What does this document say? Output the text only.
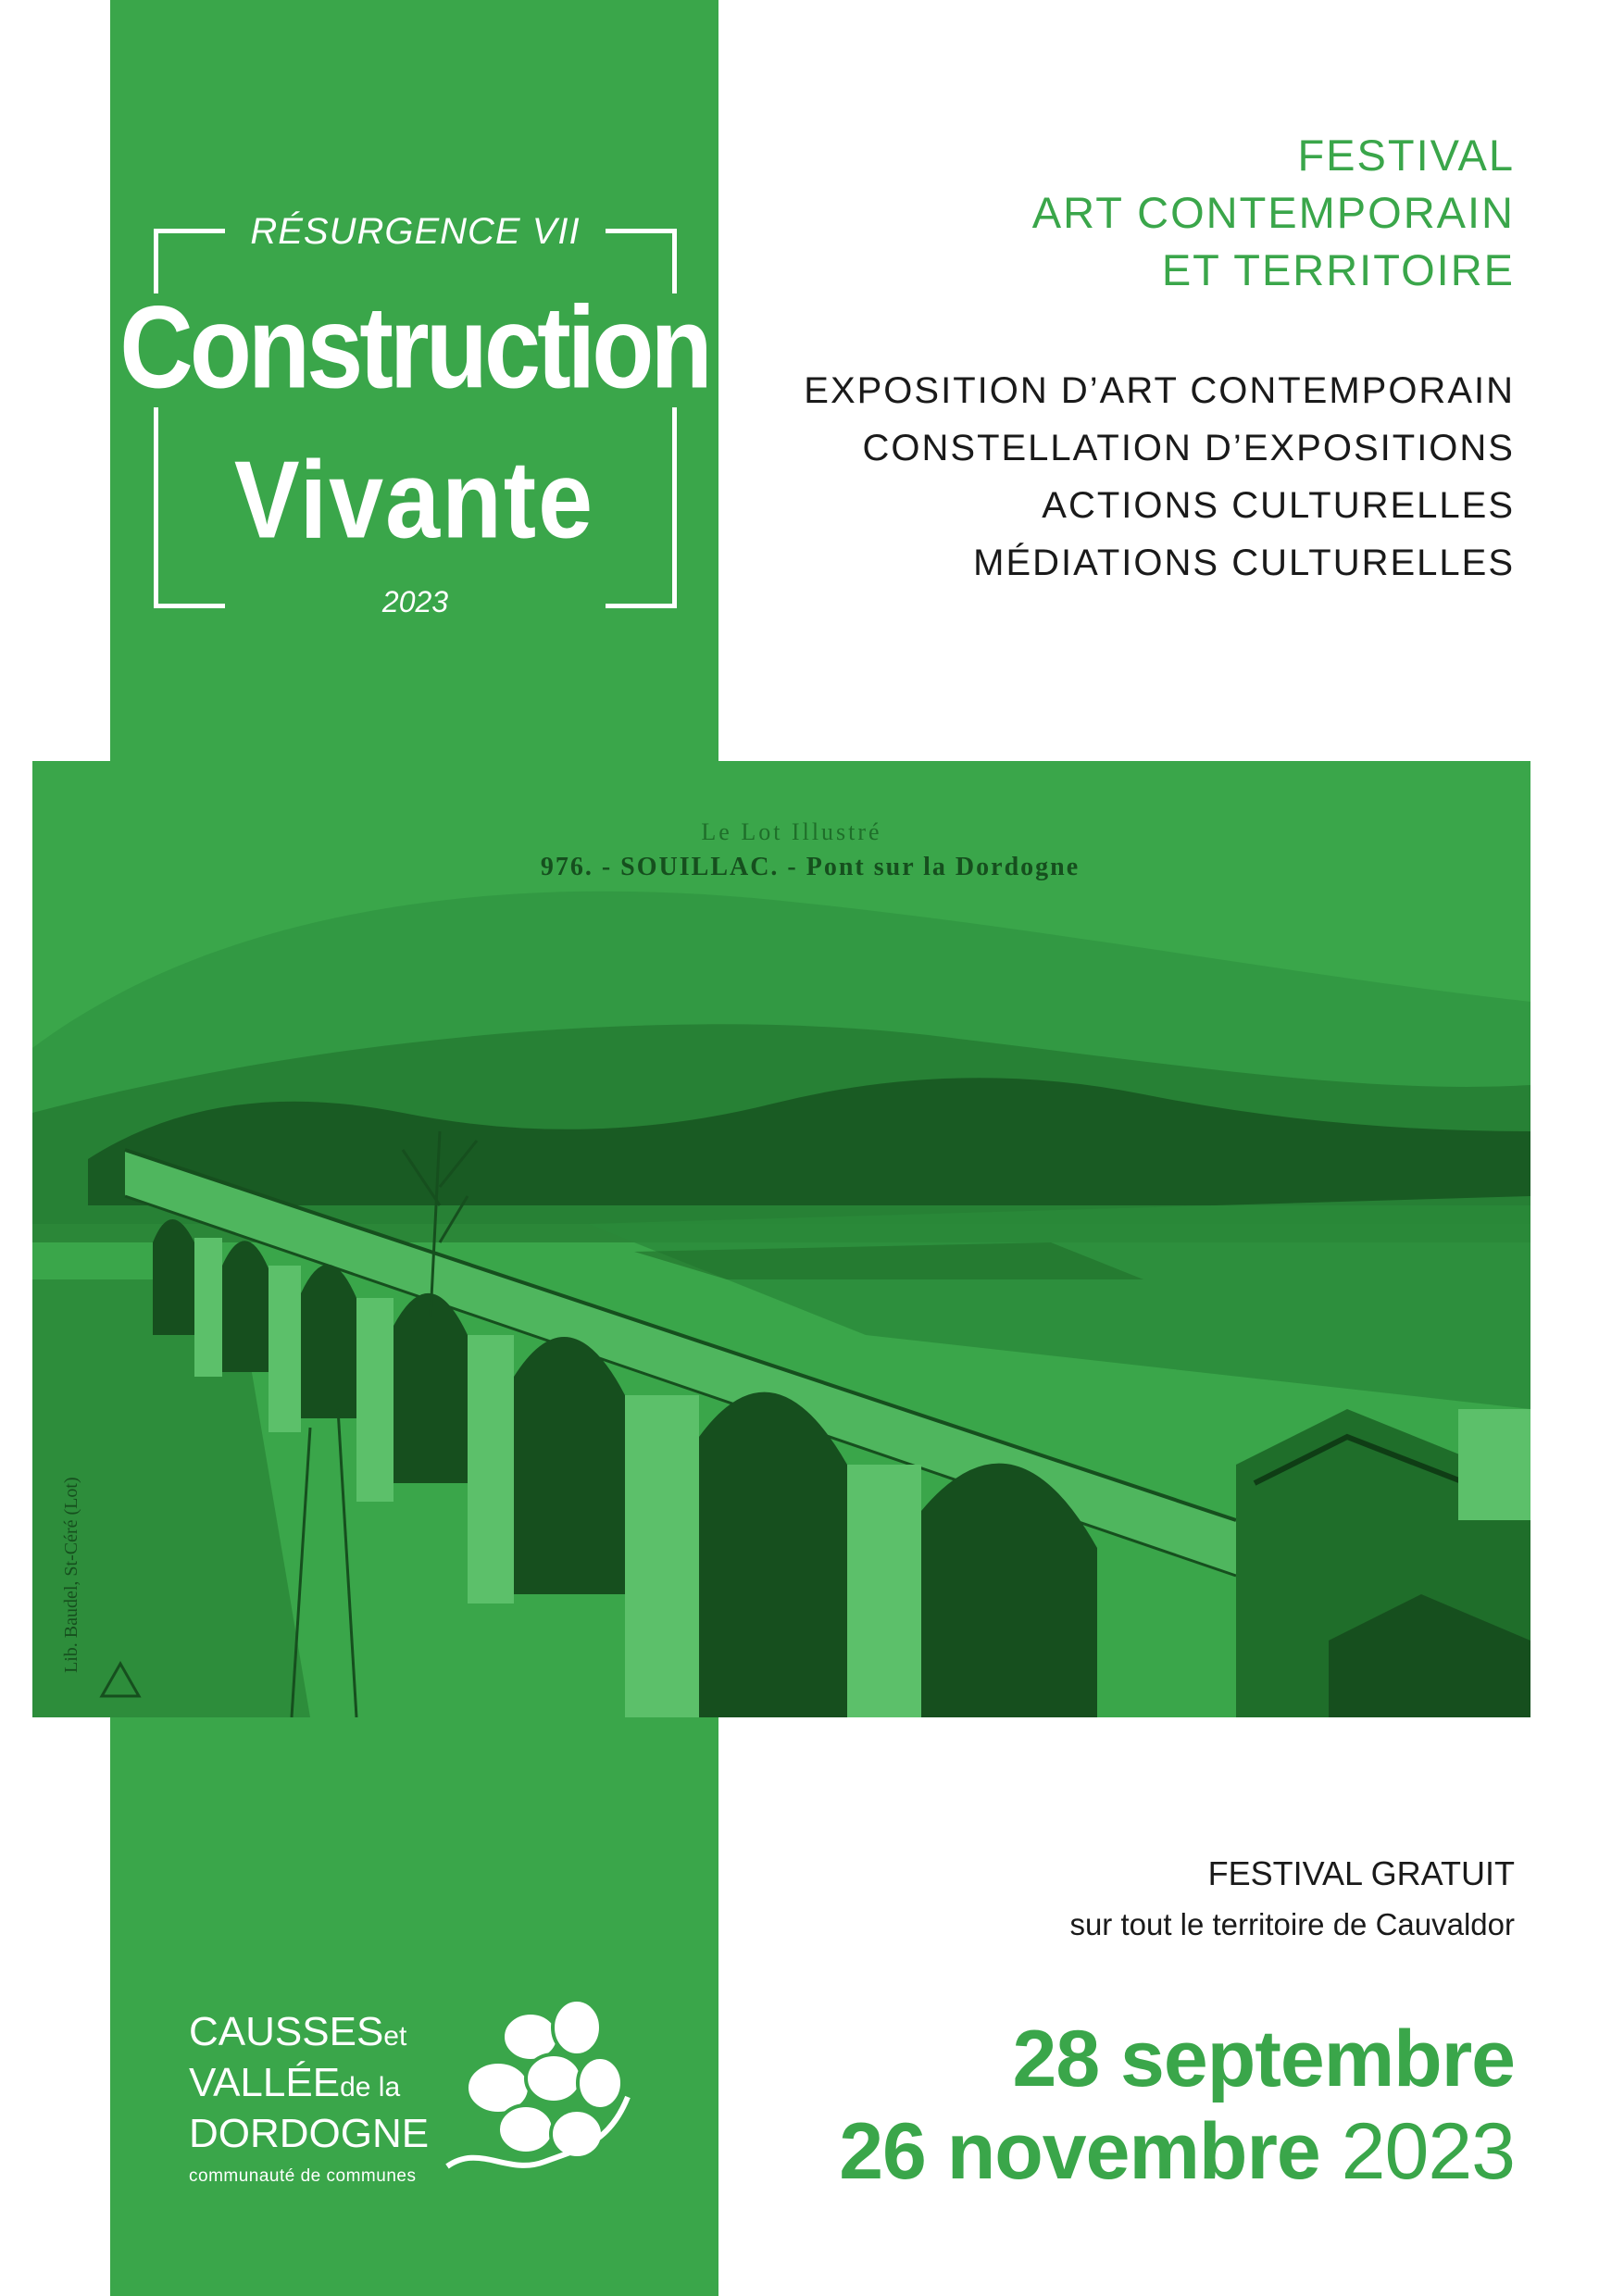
RÉSURGENCE VII
Construction
Vivante
2023
FESTIVAL
ART CONTEMPORAIN
ET TERRITOIRE
EXPOSITION D’ART CONTEMPORAIN
CONSTELLATION D’EXPOSITIONS
ACTIONS CULTURELLES
MÉDIATIONS CULTURELLES
Le Lot Illustré
976. - SOUILLAC. - Pont sur la Dordogne
Lib. Baudel, St-Céré (Lot)
FESTIVAL GRATUIT
sur tout le territoire de Cauvaldor
28 septembre
26 novembre 2023
CAUSSESet
VALLÉEde la
DORDOGNE
communauté de communes
